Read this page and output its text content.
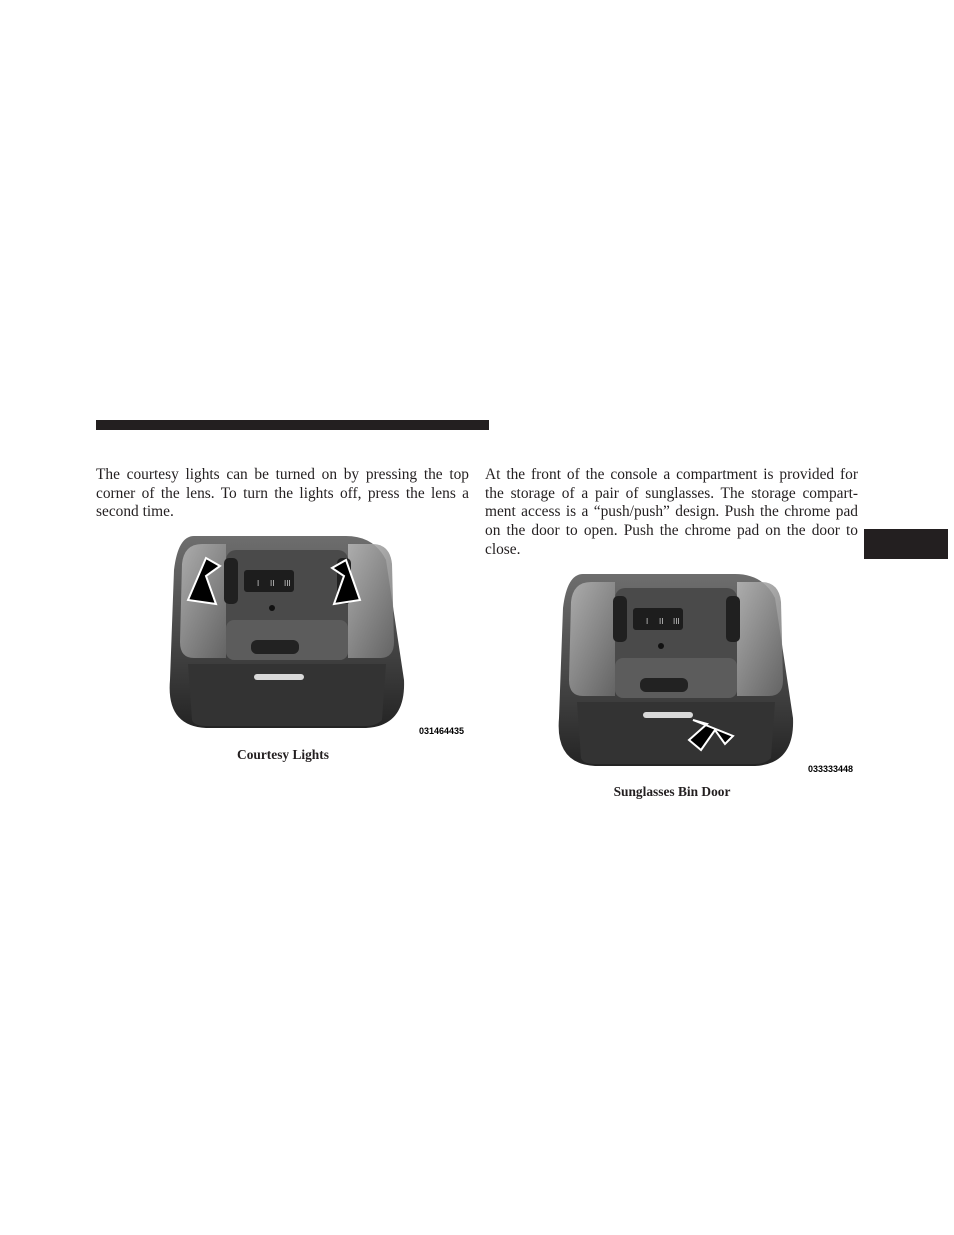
The courtesy lights can be turned on by pressing the top corner of the lens. To turn the lights off, press the lens a second time.

At the front of the console a compartment is provided for the storage of a pair of sunglasses. The storage compart-ment access is a “push/push” design. Push the chrome pad on the door to open. Push the chrome pad on the door to close.

I II III
031464435
Courtesy Lights
I II III
033333448
Sunglasses Bin Door
